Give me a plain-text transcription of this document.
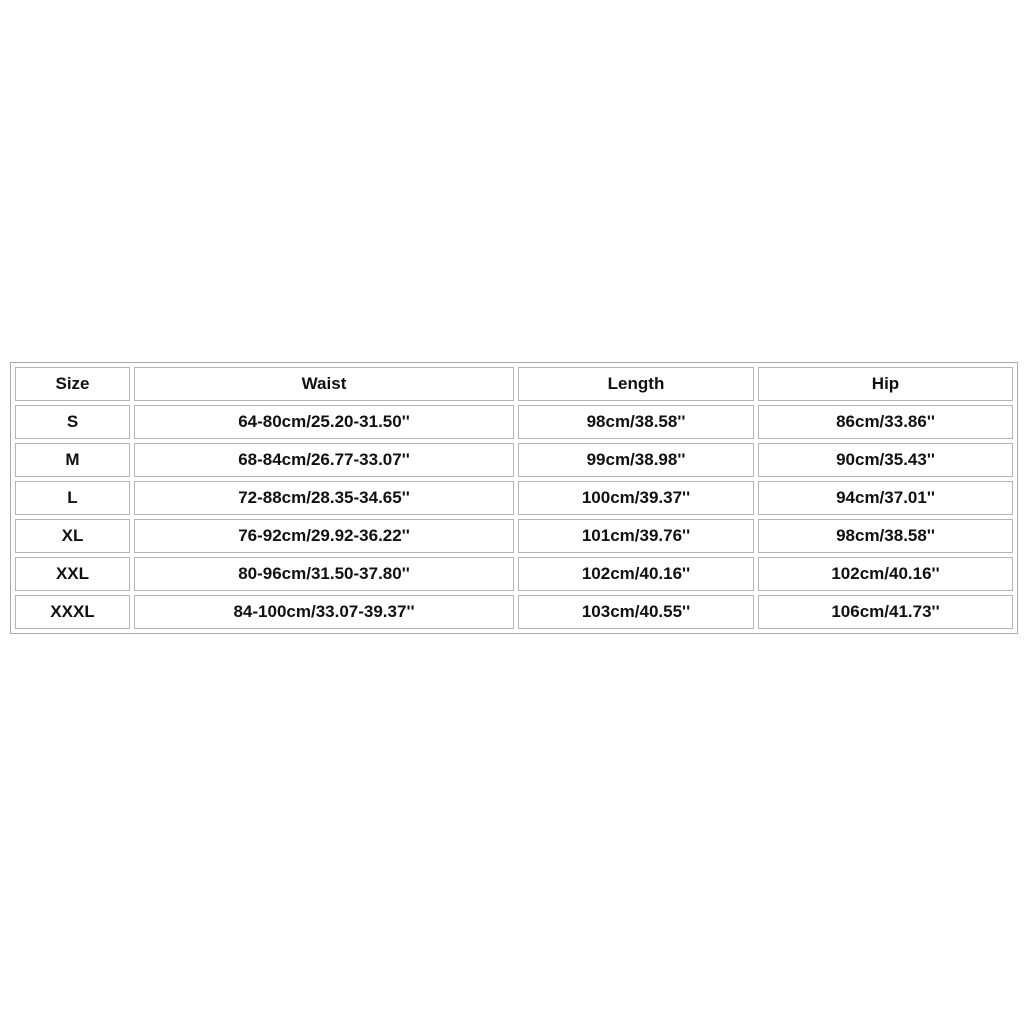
Size	Waist	Length	Hip
S	64-80cm/25.20-31.50''	98cm/38.58''	86cm/33.86''
M	68-84cm/26.77-33.07''	99cm/38.98''	90cm/35.43''
L	72-88cm/28.35-34.65''	100cm/39.37''	94cm/37.01''
XL	76-92cm/29.92-36.22''	101cm/39.76''	98cm/38.58''
XXL	80-96cm/31.50-37.80''	102cm/40.16''	102cm/40.16''
XXXL	84-100cm/33.07-39.37''	103cm/40.55''	106cm/41.73''
